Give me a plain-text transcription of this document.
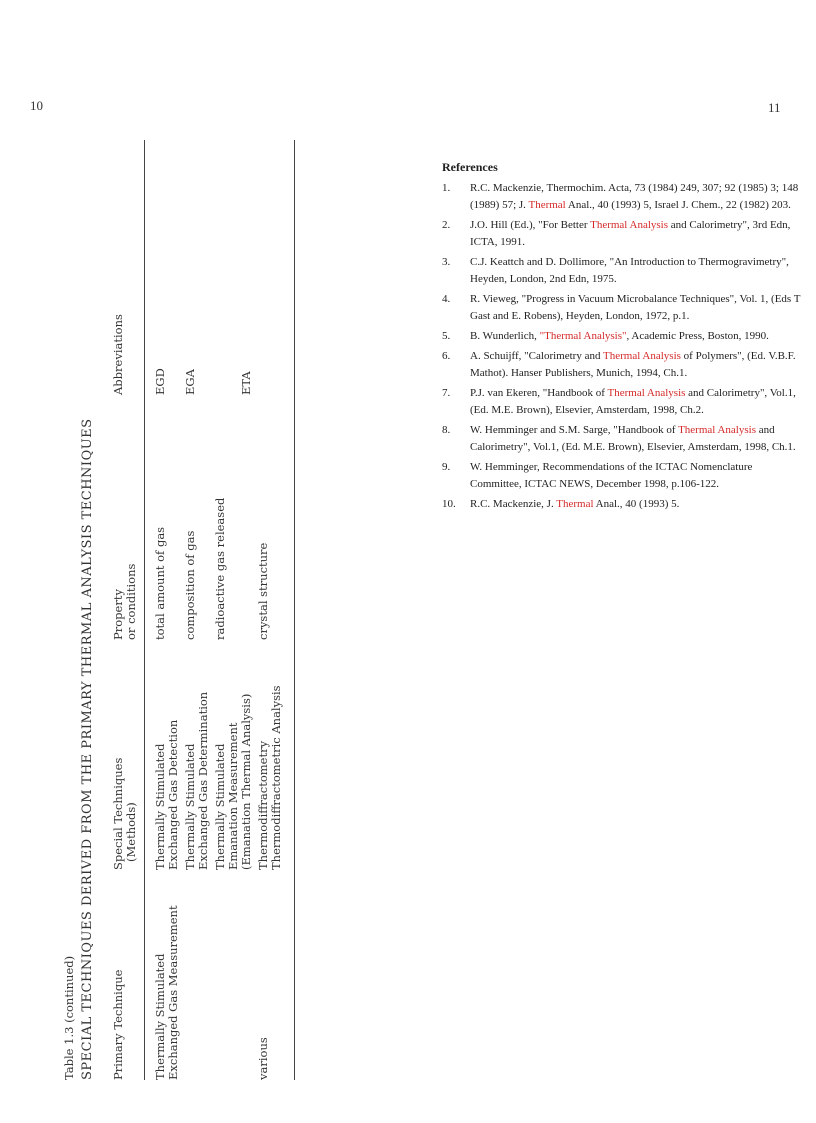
10	11
Table 1.3 (continued) SPECIAL TECHNIQUES DERIVED FROM THE PRIMARY THERMAL ANALYSIS TECHNIQUES Primary Technique
Special Techniques (Methods)
Property or conditions
Abbreviations
Thermally Stimulated Exchanged Gas Measurement
Thermally Stimulated Exchanged Gas Detection
total amount of gas
EGD
Thermally Stimulated Exchanged Gas Determination
composition of gas
EGA
Thermally Stimulated Emanation Measurement (Emanation Thermal Analysis)
radioactive gas released
ETA
various
Thermodiffractometry Thermodiffractometric Analysis
crystal structure
References
1. R.C. Mackenzie, Thermochim. Acta, 73 (1984) 249, 307; 92 (1985) 3; 148 (1989) 57; J. Thermal Anal., 40 (1993) 5, Israel J. Chem., 22 (1982) 203.
2. J.O. Hill (Ed.), "For Better Thermal Analysis and Calorimetry", 3rd Edn, ICTA, 1991.
3. C.J. Keattch and D. Dollimore, "An Introduction to Thermogravimetry", Heyden, London, 2nd Edn, 1975.
4. R. Vieweg, "Progress in Vacuum Microbalance Techniques", Vol. 1, (Eds T Gast and E. Robens), Heyden, London, 1972, p.1.
5. B. Wunderlich, "Thermal Analysis", Academic Press, Boston, 1990.
6. A. Schuijff, "Calorimetry and Thermal Analysis of Polymers", (Ed. V.B.F. Mathot). Hanser Publishers, Munich, 1994, Ch.1.
7. P.J. van Ekeren, "Handbook of Thermal Analysis and Calorimetry", Vol.1, (Ed. M.E. Brown), Elsevier, Amsterdam, 1998, Ch.2.
8. W. Hemminger and S.M. Sarge, "Handbook of Thermal Analysis and Calorimetry", Vol.1, (Ed. M.E. Brown), Elsevier, Amsterdam, 1998, Ch.1.
9. W. Hemminger, Recommendations of the ICTAC Nomenclature Committee, ICTAC NEWS, December 1998, p.106-122.
10. R.C. Mackenzie, J. Thermal Anal., 40 (1993) 5.
